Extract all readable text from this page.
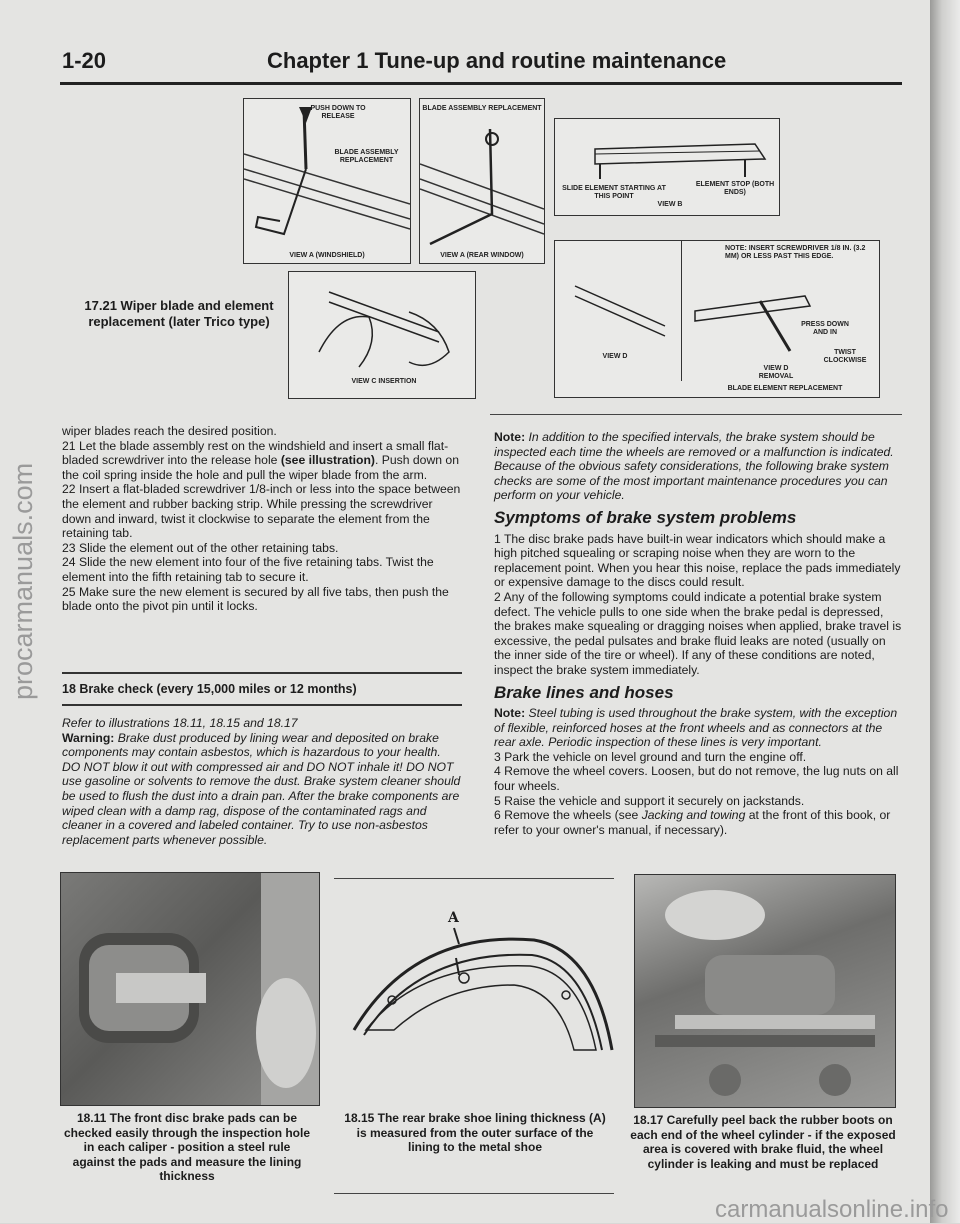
1-20	Chapter 1 Tune-up and routine maintenance
PUSH DOWN TO RELEASE
BLADE ASSEMBLY REPLACEMENT
VIEW A (WINDSHIELD)
BLADE ASSEMBLY REPLACEMENT
VIEW A (REAR WINDOW)
SLIDE ELEMENT STARTING AT THIS POINT
ELEMENT STOP (BOTH ENDS)
VIEW B
VIEW C INSERTION
NOTE: INSERT SCREWDRIVER 1/8 IN. (3.2 MM) OR LESS PAST THIS EDGE.
PRESS DOWN AND IN
TWIST CLOCKWISE
VIEW D
VIEW D REMOVAL
BLADE ELEMENT REPLACEMENT
17.21 Wiper blade and element replacement (later Trico type)

wiper blades reach the desired position.

21 Let the blade assembly rest on the windshield and insert a small flat-bladed screwdriver into the release hole (see illustration). Push down on the coil spring inside the hole and pull the wiper blade from the arm.

22 Insert a flat-bladed screwdriver 1/8-inch or less into the space between the element and rubber backing strip. While pressing the screwdriver down and inward, twist it clockwise to separate the element from the retaining tab.

23 Slide the element out of the other retaining tabs.

24 Slide the new element into four of the five retaining tabs. Twist the element into the fifth retaining tab to secure it.

25 Make sure the new element is secured by all five tabs, then push the blade onto the pivot pin until it locks.

18 Brake check (every 15,000 miles or 12 months)

Refer to illustrations 18.11, 18.15 and 18.17

Warning: Brake dust produced by lining wear and deposited on brake components may contain asbestos, which is hazardous to your health. DO NOT blow it out with compressed air and DO NOT inhale it! DO NOT use gasoline or solvents to remove the dust. Brake system cleaner should be used to flush the dust into a drain pan. After the brake components are wiped clean with a damp rag, dispose of the contaminated rags and cleaner in a covered and labeled container. Try to use non-asbestos replacement parts whenever possible.

Note: In addition to the specified intervals, the brake system should be inspected each time the wheels are removed or a malfunction is indicated. Because of the obvious safety considerations, the following brake system checks are some of the most important maintenance procedures you can perform on your vehicle.

Symptoms of brake system problems

1 The disc brake pads have built-in wear indicators which should make a high pitched squealing or scraping noise when they are worn to the replacement point. When you hear this noise, replace the pads immediately or expensive damage to the discs could result.

2 Any of the following symptoms could indicate a potential brake system defect. The vehicle pulls to one side when the brake pedal is depressed, the brakes make squealing or dragging noises when applied, brake travel is excessive, the pedal pulsates and brake fluid leaks are noted (usually on the inner side of the tire or wheel). If any of these conditions are noted, inspect the brake system immediately.

Brake lines and hoses

Note: Steel tubing is used throughout the brake system, with the exception of flexible, reinforced hoses at the front wheels and as connectors at the rear axle. Periodic inspection of these lines is very important.

3 Park the vehicle on level ground and turn the engine off.

4 Remove the wheel covers. Loosen, but do not remove, the lug nuts on all four wheels.

5 Raise the vehicle and support it securely on jackstands.

6 Remove the wheels (see Jacking and towing at the front of this book, or refer to your owner's manual, if necessary).

A
18.11 The front disc brake pads can be checked easily through the inspection hole in each caliper - position a steel rule against the pads and measure the lining thickness
18.15 The rear brake shoe lining thickness (A) is measured from the outer surface of the lining to the metal shoe
18.17 Carefully peel back the rubber boots on each end of the wheel cylinder - if the exposed area is covered with brake fluid, the wheel cylinder is leaking and must be replaced
procarmanuals.com
carmanualsonline.info
